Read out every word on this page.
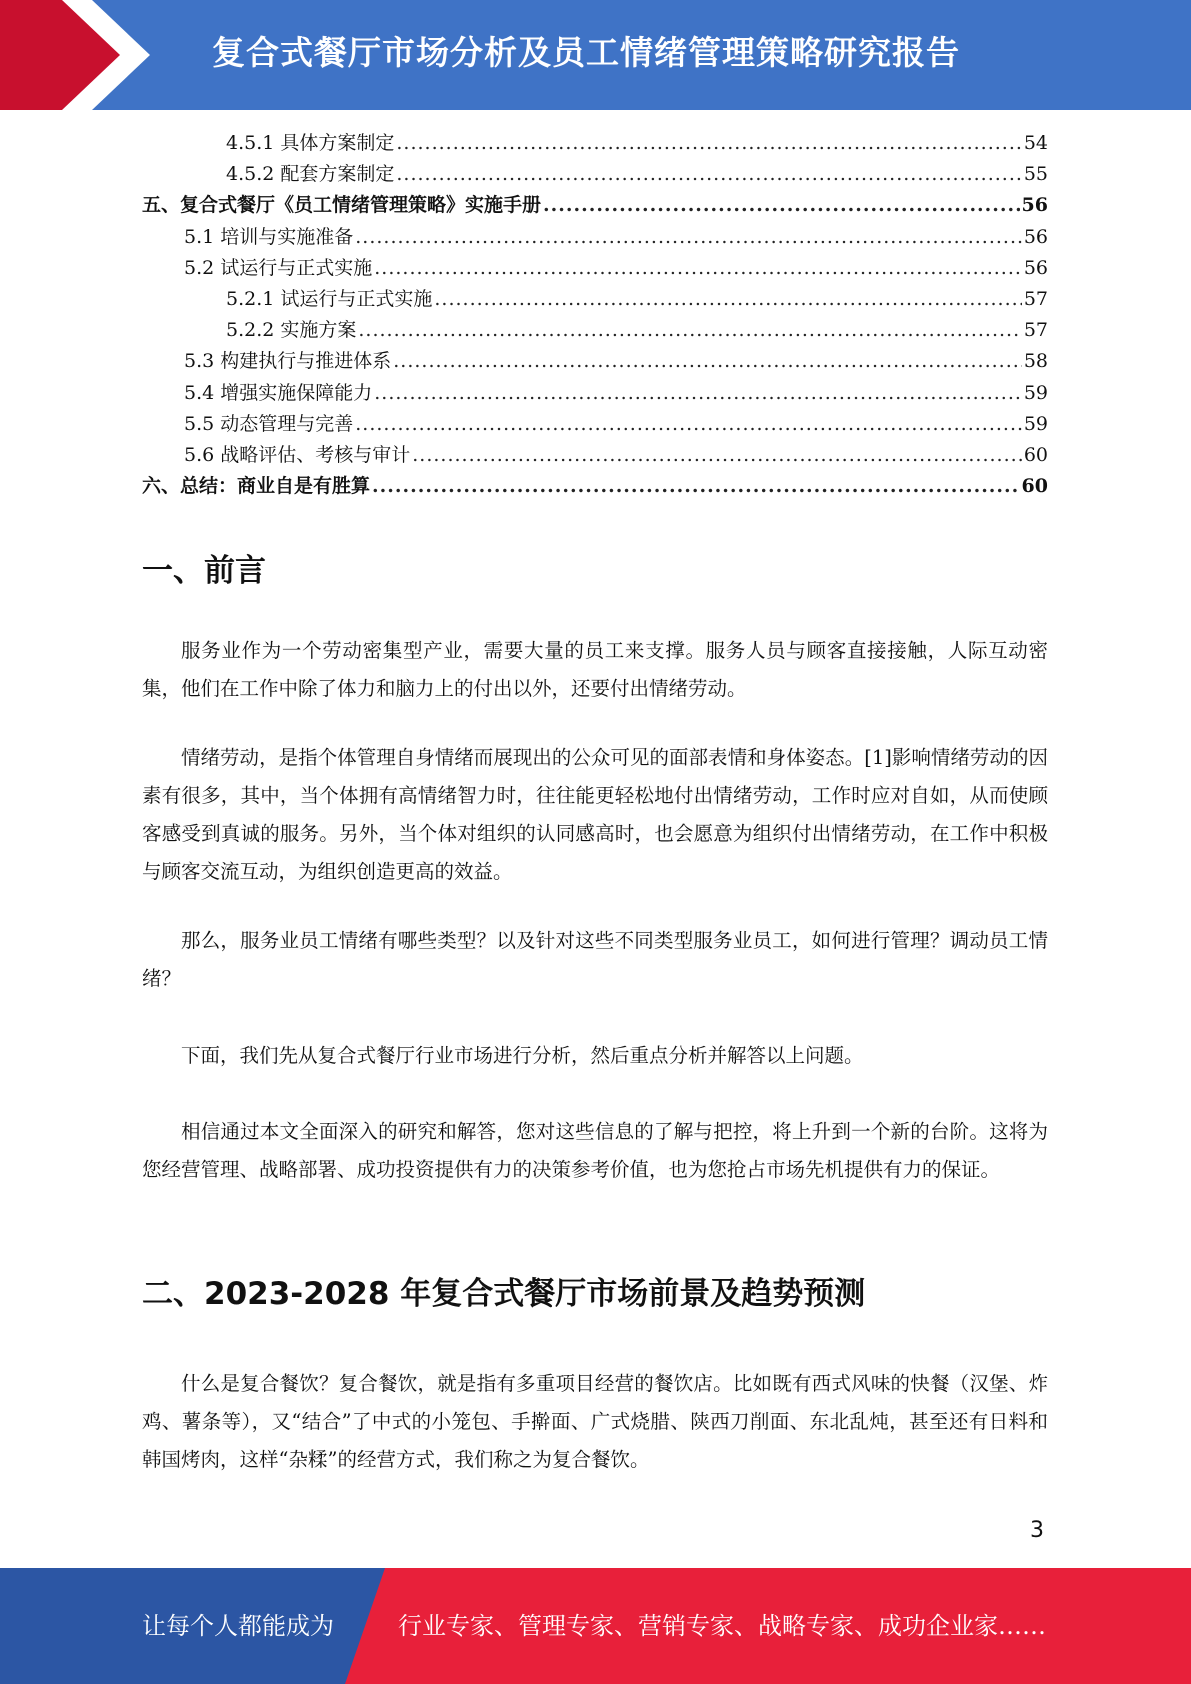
复合式餐厅市场分析及员工情绪管理策略研究报告
4.5.1 具体方案制定 .....	54
4.5.2 配套方案制定 .....	55
五、复合式餐厅《员工情绪管理策略》实施手册 .....	56
5.1 培训与实施准备 .....	56
5.2 试运行与正式实施 .....	56
5.2.1 试运行与正式实施 .....	57
5.2.2 实施方案 .....	57
5.3 构建执行与推进体系 .....	58
5.4 增强实施保障能力 .....	59
5.5 动态管理与完善 .....	59
5.6 战略评估、考核与审计 .....	60
六、总结：商业自是有胜算 .....	60
一、前言

服务业作为一个劳动密集型产业，需要大量的员工来支撑。服务人员与顾客直接接触，人际互动密集，他们在工作中除了体力和脑力上的付出以外，还要付出情绪劳动。

情绪劳动，是指个体管理自身情绪而展现出的公众可见的面部表情和身体姿态。[1]影响情绪劳动的因素有很多，其中，当个体拥有高情绪智力时，往往能更轻松地付出情绪劳动，工作时应对自如，从而使顾客感受到真诚的服务。另外，当个体对组织的认同感高时，也会愿意为组织付出情绪劳动，在工作中积极与顾客交流互动，为组织创造更高的效益。

那么，服务业员工情绪有哪些类型？以及针对这些不同类型服务业员工，如何进行管理？调动员工情绪？

下面，我们先从复合式餐厅行业市场进行分析，然后重点分析并解答以上问题。

相信通过本文全面深入的研究和解答，您对这些信息的了解与把控，将上升到一个新的台阶。这将为您经营管理、战略部署、成功投资提供有力的决策参考价值，也为您抢占市场先机提供有力的保证。

二、2023-2028 年复合式餐厅市场前景及趋势预测

什么是复合餐饮？复合餐饮，就是指有多重项目经营的餐饮店。比如既有西式风味的快餐（汉堡、炸鸡、薯条等），又“结合”了中式的小笼包、手擀面、广式烧腊、陕西刀削面、东北乱炖，甚至还有日料和韩国烤肉，这样“杂糅”的经营方式，我们称之为复合餐饮。

3
让每个人都能成为	行业专家、管理专家、营销专家、战略专家、成功企业家……
